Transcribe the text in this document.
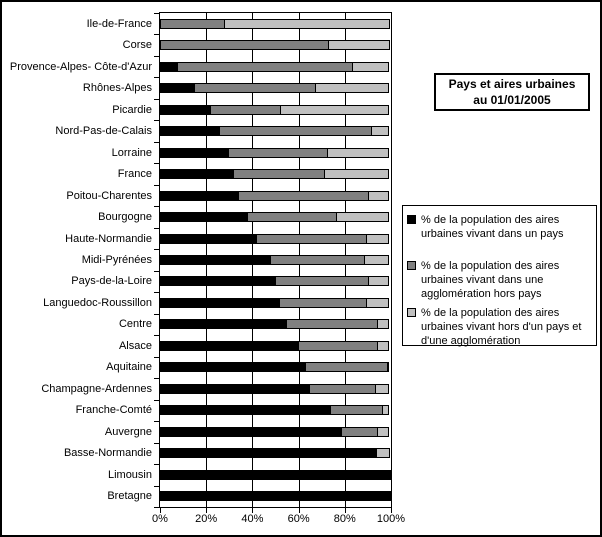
Ile-de-France
Corse
Provence-Alpes- Côte-d'Azur
Rhônes-Alpes
Picardie
Nord-Pas-de-Calais
Lorraine
France
Poitou-Charentes
Bourgogne
Haute-Normandie
Midi-Pyrénées
Pays-de-la-Loire
Languedoc-Roussillon
Centre
Alsace
Aquitaine
Champagne-Ardennes
Franche-Comté
Auvergne
Basse-Normandie
Limousin
Bretagne
0%	20%	40%	60%	80%	100%
Pays et aires urbaines
au 01/01/2005
% de la population des aires urbaines vivant dans un pays
% de la population des aires urbaines vivant dans une agglomération hors pays
% de la population des aires urbaines vivant hors d'un pays et d'une agglomération
